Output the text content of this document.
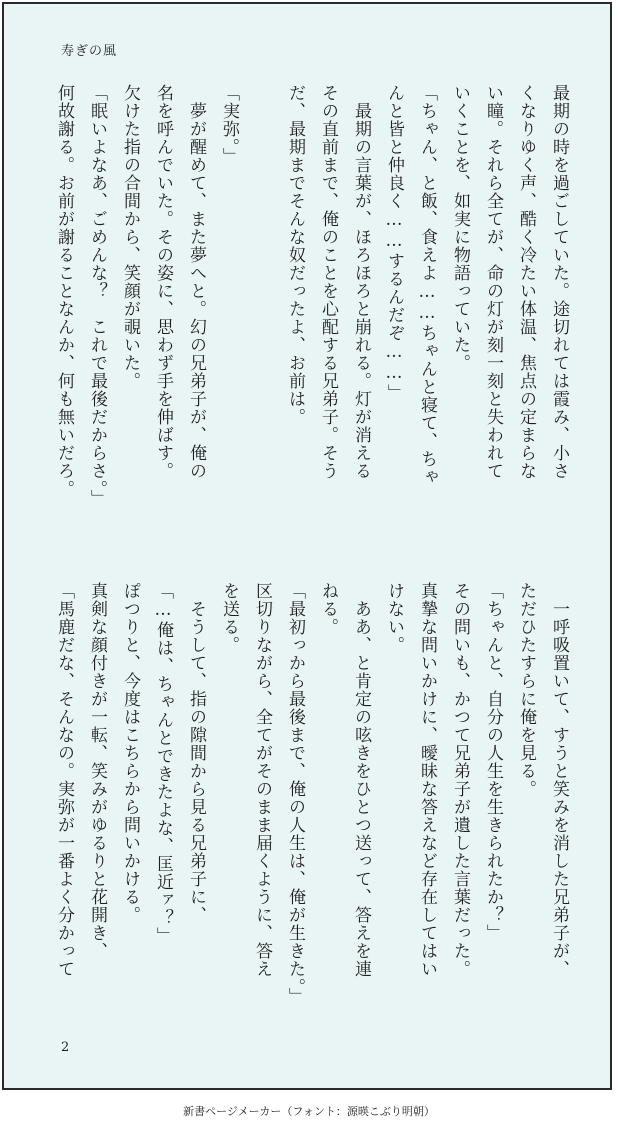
寿ぎの風
最期の時を過ごしていた。途切れては霞み、小さ
くなりゆく声、酷く冷たい体温、焦点の定まらな
い瞳。それら全てが、命の灯が刻一刻と失われて
いくことを、如実に物語っていた。
「ちゃん、と飯、食えよ……ちゃんと寝て、ちゃ
んと皆と仲良く……するんだぞ……」
　最期の言葉が、ほろほろと崩れる。灯が消える
その直前まで、俺のことを心配する兄弟子。そう
だ、最期までそんな奴だったよ、お前は。
「実弥。」
　夢が醒めて、また夢へと。幻の兄弟子が、俺の
名を呼んでいた。その姿に、思わず手を伸ばす。
欠けた指の合間から、笑顔が覗いた。
「眠いよなあ、ごめんな？　これで最後だからさ。」
何故謝る。お前が謝ることなんか、何も無いだろ。
　一呼吸置いて、すうと笑みを消した兄弟子が、
ただひたすらに俺を見る。
「ちゃんと、自分の人生を生きられたか？」
その問いも、かつて兄弟子が遺した言葉だった。
真摯な問いかけに、曖昧な答えなど存在してはい
けない。
　ああ、と肯定の呟きをひとつ送って、答えを連
ねる。
「最初っから最後まで、俺の人生は、俺が生きた。」
区切りながら、全てがそのまま届くように、答え
を送る。
　そうして、指の隙間から見る兄弟子に、
「…俺は、ちゃんとできたよな、匡近ァ？」
ぽつりと、今度はこちらから問いかける。
真剣な顔付きが一転、笑みがゆるりと花開き、
「馬鹿だな、そんなの。実弥が一番よく分かって
2
新書ページメーカー（フォント：源暎こぶり明朝）
